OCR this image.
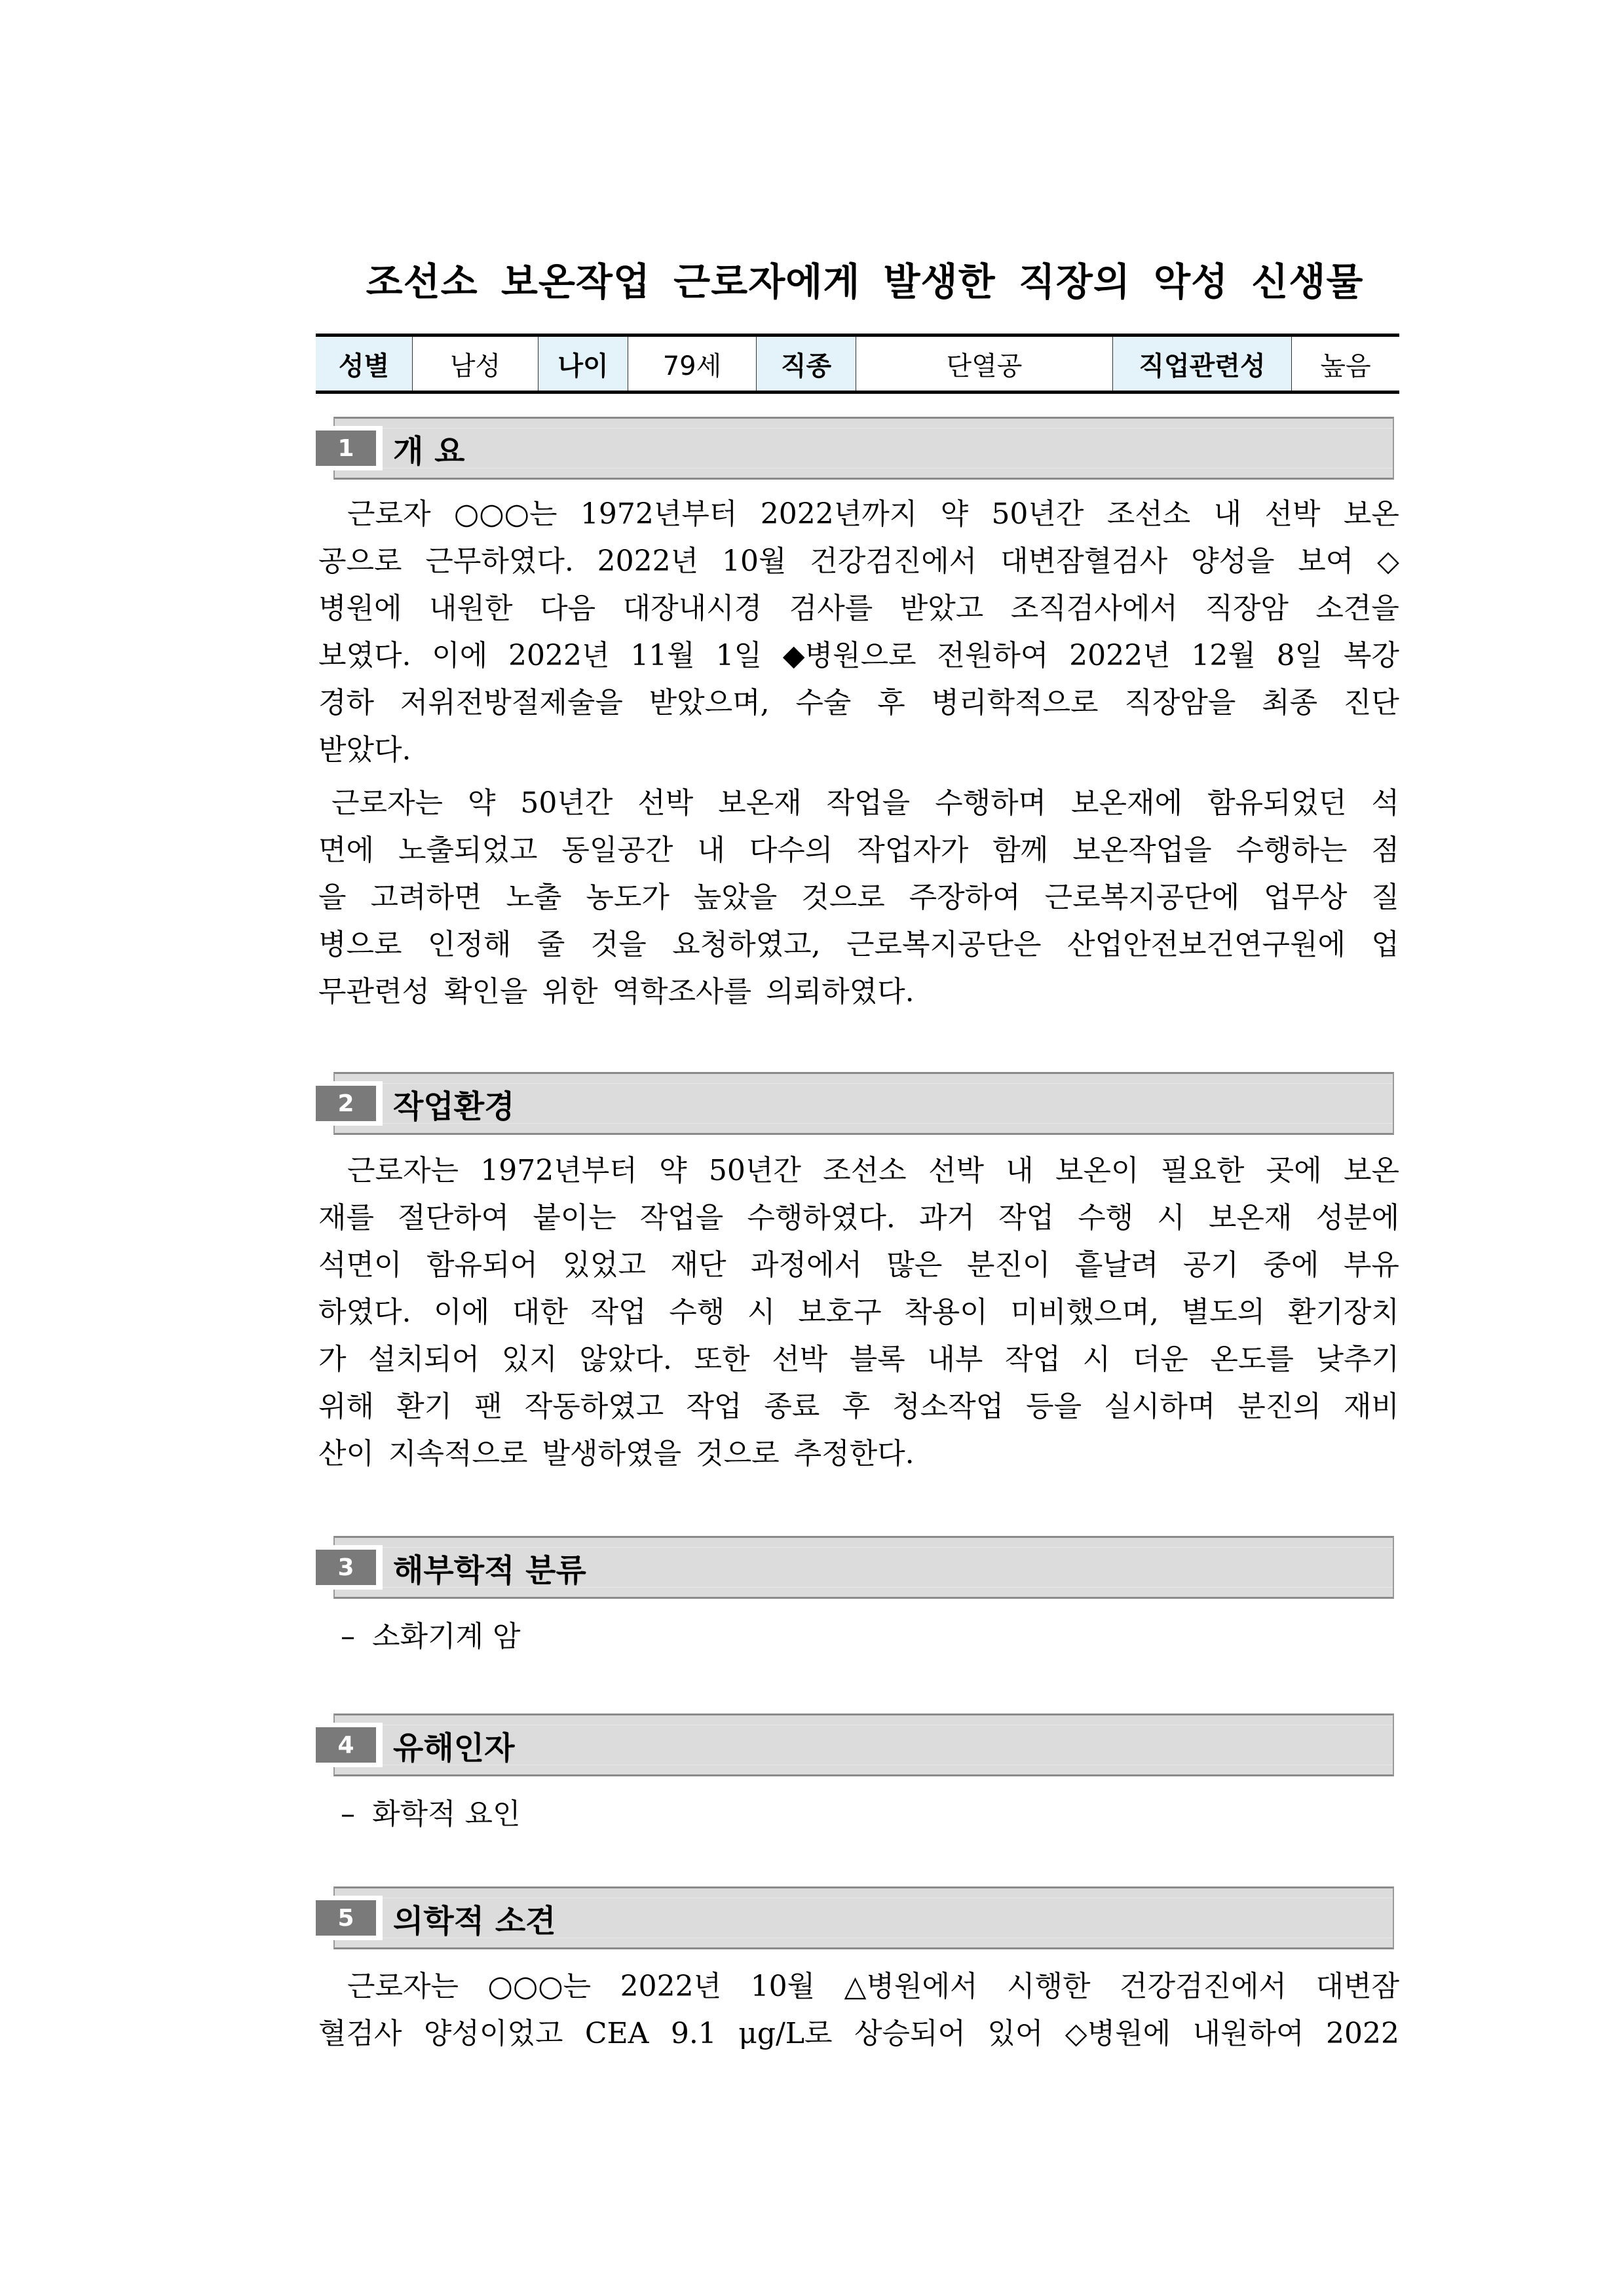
조선소 보온작업 근로자에게 발생한 직장의 악성 신생물
성별	남성	나이	79세	직종	단열공	직업관련성	높음
1	개 요
근로자 ○○○는 1972년부터 2022년까지 약 50년간 조선소 내 선박 보온
공으로 근무하였다. 2022년 10월 건강검진에서 대변잠혈검사 양성을 보여 ◇
병원에 내원한 다음 대장내시경 검사를 받았고 조직검사에서 직장암 소견을
보였다. 이에 2022년 11월 1일 ◆병원으로 전원하여 2022년 12월 8일 복강
경하 저위전방절제술을 받았으며, 수술 후 병리학적으로 직장암을 최종 진단
받았다.
근로자는 약 50년간 선박 보온재 작업을 수행하며 보온재에 함유되었던 석
면에 노출되었고 동일공간 내 다수의 작업자가 함께 보온작업을 수행하는 점
을 고려하면 노출 농도가 높았을 것으로 주장하여 근로복지공단에 업무상 질
병으로 인정해 줄 것을 요청하였고, 근로복지공단은 산업안전보건연구원에 업
무관련성 확인을 위한 역학조사를 의뢰하였다.
2	작업환경
근로자는 1972년부터 약 50년간 조선소 선박 내 보온이 필요한 곳에 보온
재를 절단하여 붙이는 작업을 수행하였다. 과거 작업 수행 시 보온재 성분에
석면이 함유되어 있었고 재단 과정에서 많은 분진이 흩날려 공기 중에 부유
하였다. 이에 대한 작업 수행 시 보호구 착용이 미비했으며, 별도의 환기장치
가 설치되어 있지 않았다. 또한 선박 블록 내부 작업 시 더운 온도를 낮추기
위해 환기 팬 작동하였고 작업 종료 후 청소작업 등을 실시하며 분진의 재비
산이 지속적으로 발생하였을 것으로 추정한다.
3	해부학적 분류
– 소화기계 암
4	유해인자
– 화학적 요인
5	의학적 소견
근로자는 ○○○는 2022년 10월 △병원에서 시행한 건강검진에서 대변잠
혈검사 양성이었고 CEA 9.1 μg/L로 상승되어 있어 ◇병원에 내원하여 2022
